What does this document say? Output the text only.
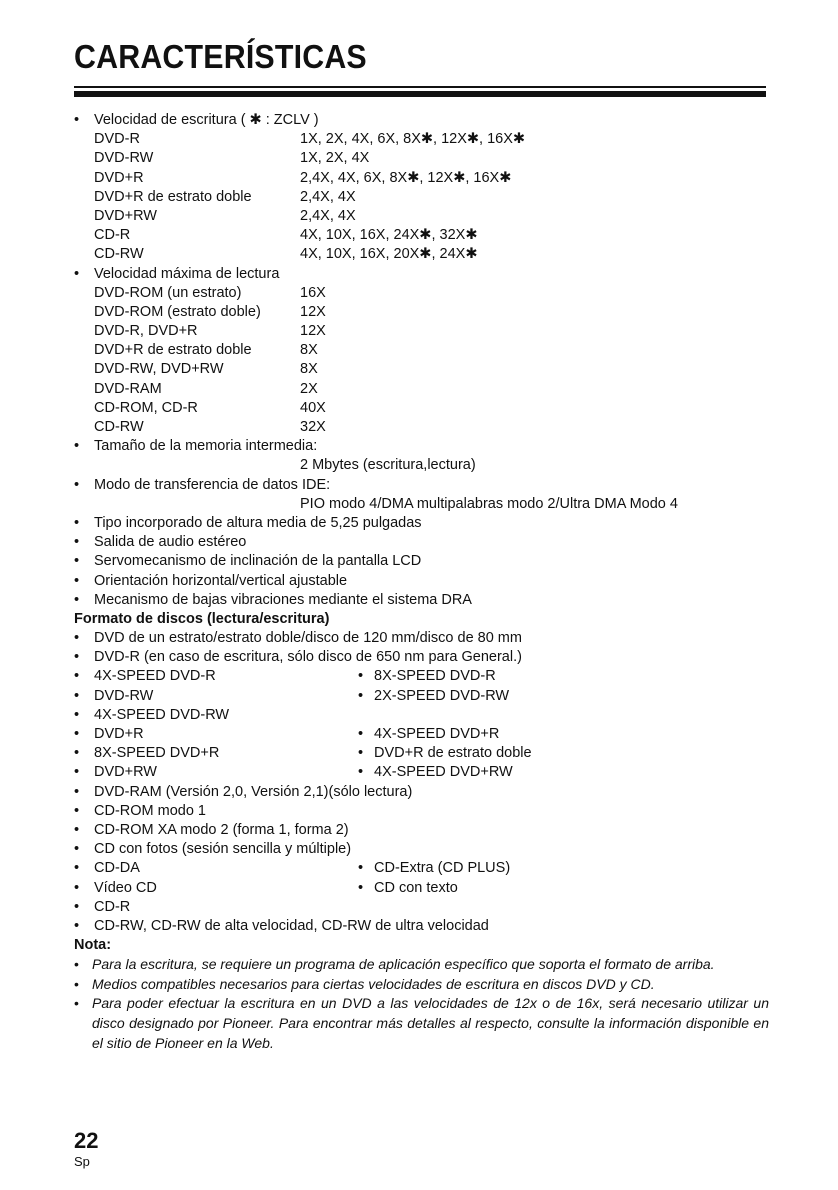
CARACTERÍSTICAS
•	Velocidad de escritura ( ✱ : ZCLV )
DVD-R	1X, 2X, 4X, 6X, 8X✱, 12X✱, 16X✱
DVD-RW	1X, 2X, 4X
DVD+R	2,4X, 4X, 6X, 8X✱, 12X✱, 16X✱
DVD+R de estrato doble	2,4X, 4X
DVD+RW	2,4X, 4X
CD-R	4X, 10X, 16X, 24X✱, 32X✱
CD-RW	4X, 10X, 16X, 20X✱, 24X✱
•	Velocidad máxima de lectura
DVD-ROM (un estrato)	16X
DVD-ROM (estrato doble)	12X
DVD-R, DVD+R	12X
DVD+R de estrato doble	8X
DVD-RW, DVD+RW	8X
DVD-RAM	2X
CD-ROM, CD-R	40X
CD-RW	32X
•	Tamaño de la memoria intermedia:
2 Mbytes (escritura,lectura)
•	Modo de transferencia de datos IDE:
PIO modo 4/DMA multipalabras modo 2/Ultra DMA Modo 4
•	Tipo incorporado de altura media de 5,25 pulgadas
•	Salida de audio estéreo
•	Servomecanismo de inclinación de la pantalla LCD
•	Orientación horizontal/vertical ajustable
•	Mecanismo de bajas vibraciones mediante el sistema DRA
Formato de discos (lectura/escritura)
•	DVD de un estrato/estrato doble/disco de 120 mm/disco de 80 mm
•	DVD-R (en caso de escritura, sólo disco de 650 nm para General.)
•	4X-SPEED DVD-R	• 8X-SPEED DVD-R
•	DVD-RW	• 2X-SPEED DVD-RW
•	4X-SPEED DVD-RW
•	DVD+R	• 4X-SPEED DVD+R
•	8X-SPEED DVD+R	• DVD+R de estrato doble
•	DVD+RW	• 4X-SPEED DVD+RW
•	DVD-RAM (Versión 2,0, Versión 2,1)(sólo lectura)
•	CD-ROM modo 1
•	CD-ROM XA modo 2 (forma 1, forma 2)
•	CD con fotos (sesión sencilla y múltiple)
•	CD-DA	• CD-Extra (CD PLUS)
•	Vídeo CD	• CD con texto
•	CD-R
•	CD-RW, CD-RW de alta velocidad, CD-RW de ultra velocidad
Nota:
• Para la escritura, se requiere un programa de aplicación específico que soporta el formato de arriba.
• Medios compatibles necesarios para ciertas velocidades de escritura en discos DVD y CD.
• Para poder efectuar la escritura en un DVD a las velocidades de 12x o de 16x, será necesario utilizar un disco designado por Pioneer. Para encontrar más detalles al respecto, consulte la información disponible en el sitio de Pioneer en la Web.
22
Sp
